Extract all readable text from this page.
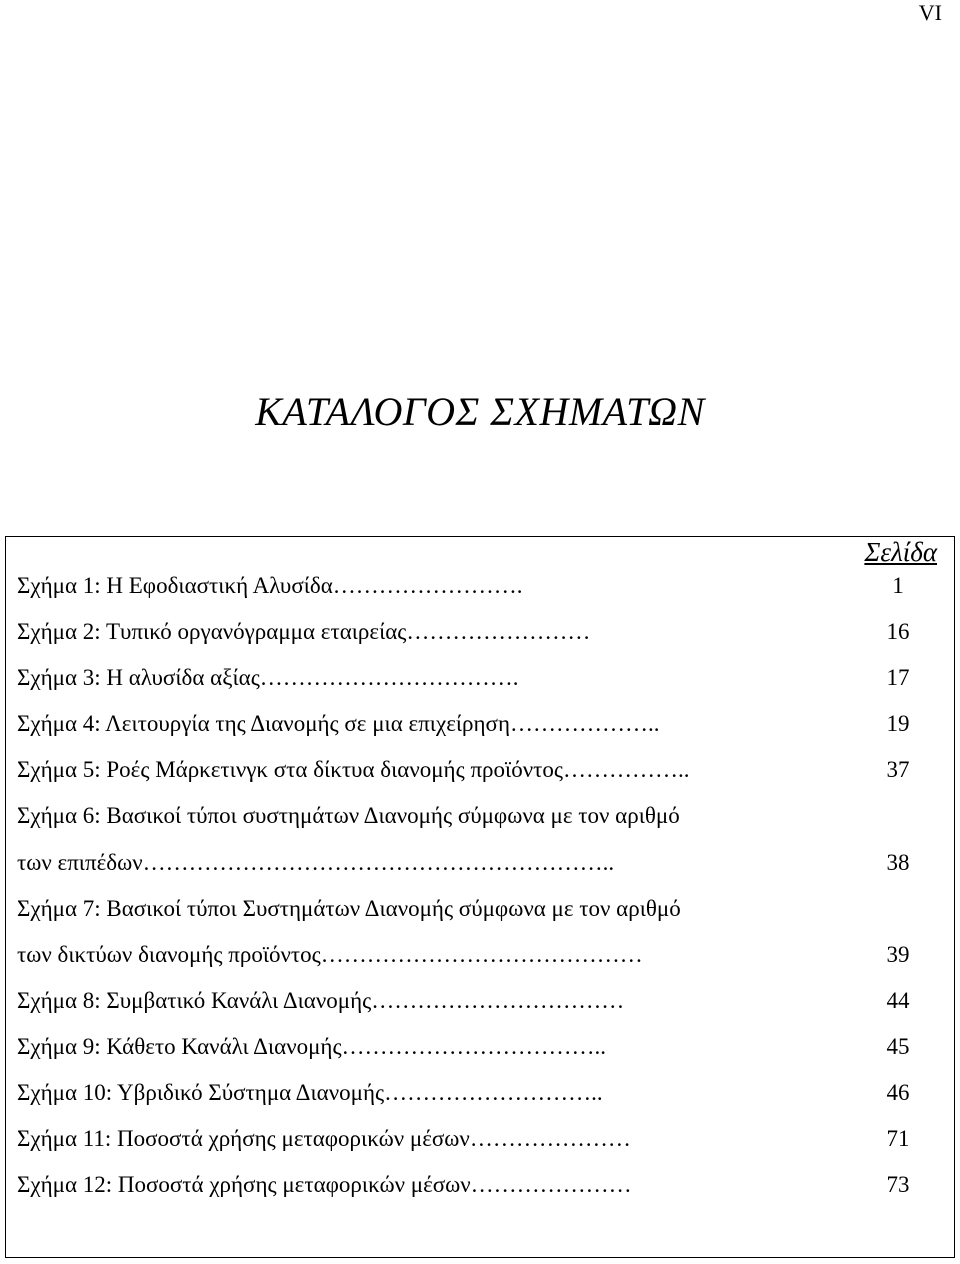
VI
ΚΑΤΑΛΟΓΟΣ ΣΧΗΜΑΤΩΝ
Σελίδα
Σχήμα 1: Η Εφοδιαστική Αλυσίδα…………………….	1
Σχήμα 2: Τυπικό οργανόγραμμα εταιρείας……………………	16
Σχήμα 3: Η αλυσίδα αξίας…………………………….	17
Σχήμα 4: Λειτουργία της Διανομής σε μια επιχείρηση………………..	19
Σχήμα 5: Ροές Μάρκετινγκ στα δίκτυα διανομής προϊόντος……………..	37
Σχήμα 6: Βασικοί τύποι συστημάτων Διανομής σύμφωνα με τον αριθμό
των επιπέδων……………………………………………………..	38
Σχήμα 7: Βασικοί τύποι Συστημάτων Διανομής σύμφωνα με τον αριθμό
των δικτύων διανομής προϊόντος……………………………………	39
Σχήμα 8: Συμβατικό Κανάλι Διανομής……………………………	44
Σχήμα 9: Κάθετο Κανάλι Διανομής……………………………..	45
Σχήμα 10: Υβριδικό Σύστημα Διανομής………………………..	46
Σχήμα 11: Ποσοστά χρήσης μεταφορικών μέσων…………………	71
Σχήμα 12: Ποσοστά χρήσης μεταφορικών μέσων…………………	73
